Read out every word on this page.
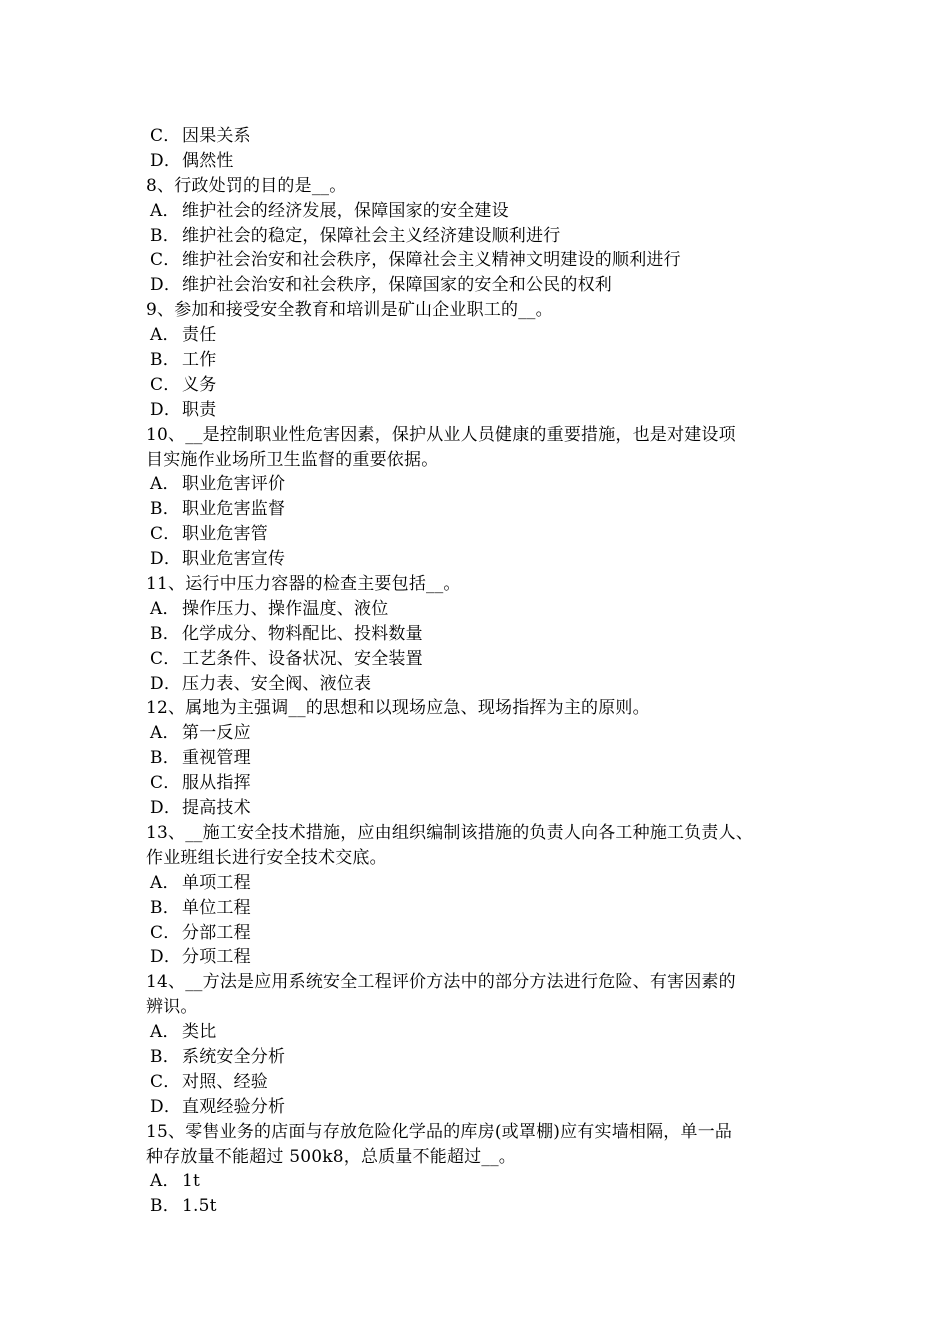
C．因果关系
D．偶然性
8、行政处罚的目的是__。
A． 维护社会的经济发展，保障国家的安全建设
B． 维护社会的稳定，保障社会主义经济建设顺利进行
C．维护社会治安和社会秩序，保障社会主义精神文明建设的顺利进行
D．维护社会治安和社会秩序，保障国家的安全和公民的权利
9、参加和接受安全教育和培训是矿山企业职工的__。
A． 责任
B． 工作
C．义务
D．职责
10、__是控制职业性危害因素，保护从业人员健康的重要措施，也是对建设项
目实施作业场所卫生监督的重要依据。
A． 职业危害评价
B． 职业危害监督
C．职业危害管
D．职业危害宣传
11、运行中压力容器的检查主要包括__。
A． 操作压力、操作温度、液位
B． 化学成分、物料配比、投料数量
C．工艺条件、设备状况、安全装置
D．压力表、安全阀、液位表
12、属地为主强调__的思想和以现场应急、现场指挥为主的原则。
A． 第一反应
B． 重视管理
C．服从指挥
D．提高技术
13、__施工安全技术措施，应由组织编制该措施的负责人向各工种施工负责人、
作业班组长进行安全技术交底。
A． 单项工程
B． 单位工程
C．分部工程
D．分项工程
14、__方法是应用系统安全工程评价方法中的部分方法进行危险、有害因素的
辨识。
A． 类比
B． 系统安全分析
C．对照、经验
D．直观经验分析
15、零售业务的店面与存放危险化学品的库房(或罩棚)应有实墙相隔，单一品
种存放量不能超过 500k8，总质量不能超过__。
A． 1t
B． 1.5t
